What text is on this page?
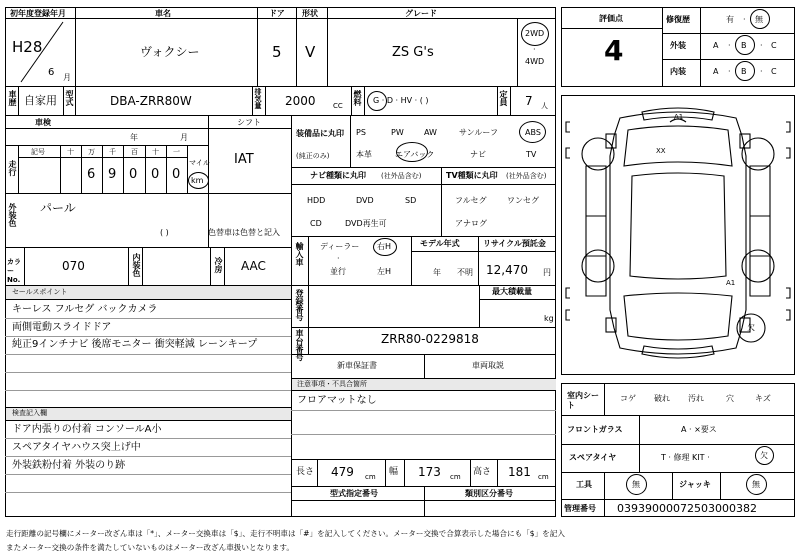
初年度登録年月	車名	ドア 形状	グレード
H28
6 月
ヴォクシー	5 V	ZS G's
2WD
·
4WD
車歴 自家用 型式	DBA-ZRR80W	排気量 2000 CC 燃料 G · D · HV · ( )	定員 7 人
車検
年	月
シフト
IAT
走行
記号	十 万 千 百 十 一
6 9 0 0 0
マイル
km
外装色 パール
( )	色替車は色替と記入
カラーNo.
070	内装色	冷房 AAC
セールスポイント
キーレス フルセグ バックカメラ
両側電動スライドドア
純正9インチナビ 後席モニター 衝突軽減 レーンキープ
検査記入欄
ドア内張りの付着 コンソールA小
スペアタイヤハウス突上げ中
外装鉄粉付着 外装のり跡
装備品に丸印
(純正のみ)
PS	PW	AW	サンルーフ	ABS
本革	エアバック	ナビ	TV
ナビ種類に丸印 (社外品含む)	TV種類に丸印 (社外品含む)
HDD	DVD	SD
CD	DVD再生可
フルセグ	ワンセグ
アナログ
輸入車 ディーラー
·
並行
右H
左H
モデル年式
年 不明
リサイクル預託金
12,470 円
登録番号	最大積載量
kg
車台番号	ZRR80-0229818
新車保証書	車両取説
注意事項・不具合箇所
フロアマットなし
長さ 479 cm 幅 173 cm 高さ 181 cm
型式指定番号	類別区分番号
評価点
4
修復歴	有 · 無
外装	A · B · C
内装	A · B · C
A1
XX
A1
欠
室内シート
コゲ 破れ 汚れ	穴	キズ
フロントガラス	A · ×要ス
スペアタイヤ	T · 修理 KIT ·	欠
工具	無	ジャッキ	無
管理番号 03939000072503000382
走行距離の記号欄にメーター改ざん車は「*」、メーター交換車は「$」、走行不明車は「#」を記入してください。メーター交換で合算表示した場合にも「$」を記入
またメーター交換の条件を満たしていないものはメーター改ざん車扱いとなります。
